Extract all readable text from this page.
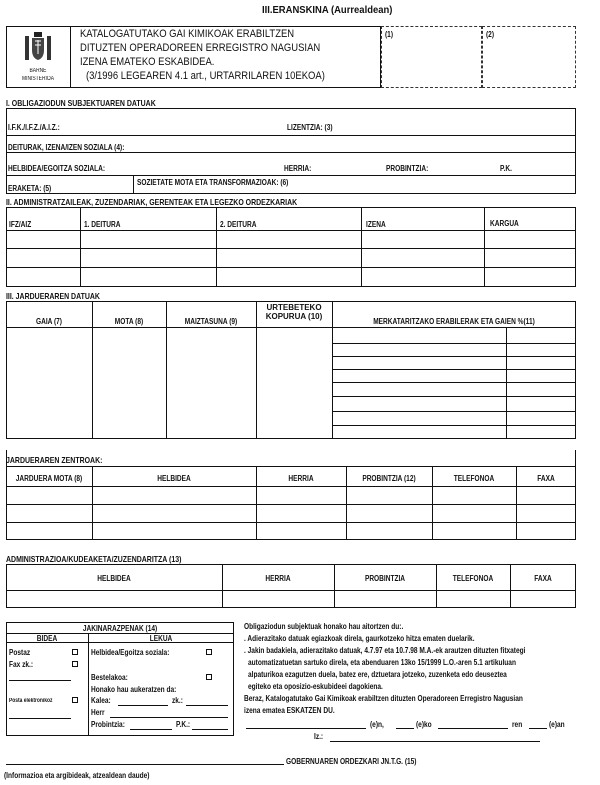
III.ERANSKINA (Aurrealdean)
BARNE
MINISTERIOA
KATALOGATUTAKO GAI KIMIKOAK ERABILTZEN
DITUZTEN OPERADOREEN ERREGISTRO NAGUSIAN
IZENA EMATEKO ESKABIDEA.
(3/1996 LEGEAREN 4.1 art., URTARRILAREN 10EKOA)
(1)	(2)
I. OBLIGAZIODUN SUBJEKTUAREN DATUAK
I.F.K./I.F.Z./A.I.Z.:	LIZENTZIA: (3)
DEITURAK, IZENA/IZEN SOZIALA (4):
HELBIDEA/EGOITZA SOZIALA:	HERRIA:	PROBINTZIA:	P.K.
ERAKETA: (5)
SOZIETATE MOTA ETA TRANSFORMAZIOAK: (6)
II. ADMINISTRATZAILEAK, ZUZENDARIAK, GERENTEAK ETA LEGEZKO ORDEZKARIAK
IFZ/AIZ	1. DEITURA	2. DEITURA	IZENA	KARGUA
III. JARDUERAREN DATUAK
GAIA (7)	MOTA (8)	MAIZTASUNA (9)
URTEBETEKO KOPURUA (10)
MERKATARITZAKO ERABILERAK ETA GAIEN %(11)
JARDUERAREN ZENTROAK:
JARDUERA MOTA (8)	HELBIDEA	HERRIA	PROBINTZIA (12)	TELEFONOA	FAXA
ADMINISTRAZIOA/KUDEAKETA/ZUZENDARITZA (13)
HELBIDEA	HERRIA	PROBINTZIA	TELEFONOA	FAXA
JAKINARAZPENAK (14)
BIDEA	LEKUA
Postaz
Fax zk.:
Posta elektronikoz
Helbidea/Egoitza soziala:
Bestelakoa:
Honako hau aukeratzen da:
Kalea:	zk.:
Herr
Probintzia:	P.K.:
Obligaziodun subjektuak honako hau aitortzen du:.
. Adierazitako datuak egiazkoak direla, gaurkotzeko hitza ematen duelarik.
. Jakin badakiela, adierazitako datuak, 4.7.97 eta 10.7.98 M.A.-ek arautzen dituzten fitxategi
automatizatuetan sartuko direla, eta abenduaren 13ko 15/1999 L.O.-aren 5.1 artikuluan
alpaturikoa ezagutzen duela, batez ere, dztuetara jotzeko, zuzenketa edo deuseztea
egiteko eta oposizio-eskubideei dagokiena.
Beraz, Katalogatutako Gai Kimikoak erabiltzen dituzten Operadoreen Erregistro Nagusian
izena ematea ESKATZEN DU.
(e)n,	(e)ko	ren	(e)an
Iz.:
GOBERNUAREN ORDEZKARI JN.T.G. (15)
(Informazioa eta argibideak, atzealdean daude)
